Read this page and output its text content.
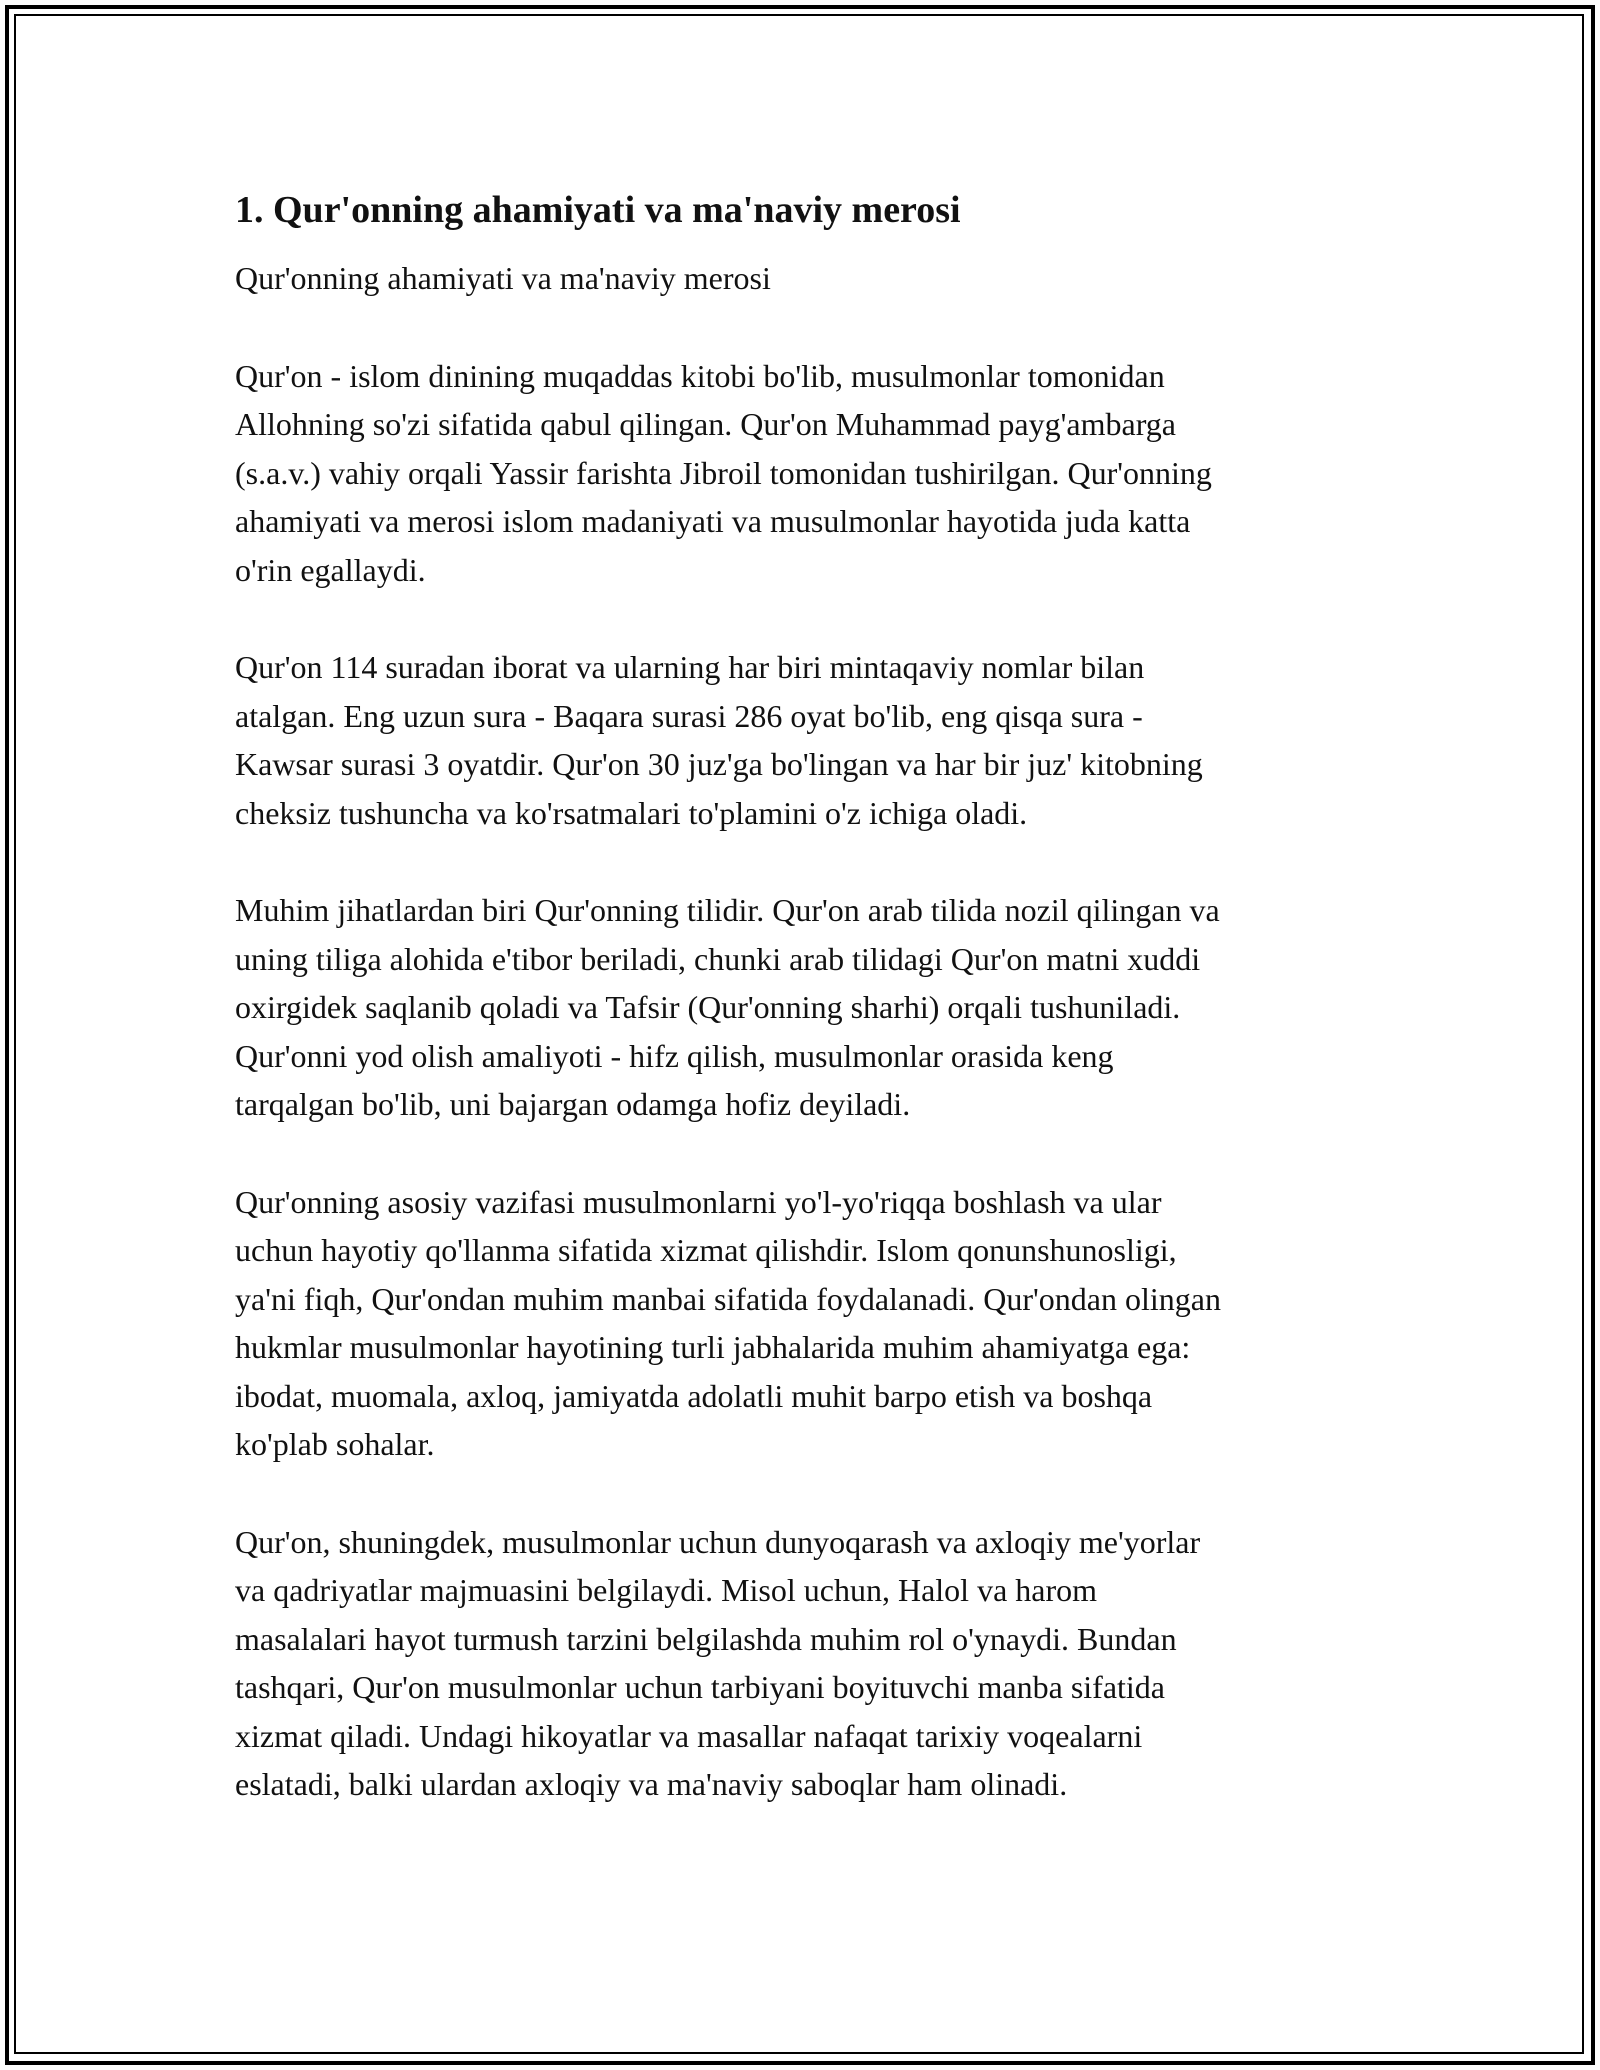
1. Qur'onning ahamiyati va ma'naviy merosi

Qur'onning ahamiyati va ma'naviy merosi

Qur'on - islom dinining muqaddas kitobi bo'lib, musulmonlar tomonidan
Allohning so'zi sifatida qabul qilingan. Qur'on Muhammad payg'ambarga
(s.a.v.) vahiy orqali Yassir farishta Jibroil tomonidan tushirilgan. Qur'onning
ahamiyati va merosi islom madaniyati va musulmonlar hayotida juda katta
o'rin egallaydi.

Qur'on 114 suradan iborat va ularning har biri mintaqaviy nomlar bilan
atalgan. Eng uzun sura - Baqara surasi 286 oyat bo'lib, eng qisqa sura -
Kawsar surasi 3 oyatdir. Qur'on 30 juz'ga bo'lingan va har bir juz' kitobning
cheksiz tushuncha va ko'rsatmalari to'plamini o'z ichiga oladi.

Muhim jihatlardan biri Qur'onning tilidir. Qur'on arab tilida nozil qilingan va
uning tiliga alohida e'tibor beriladi, chunki arab tilidagi Qur'on matni xuddi
oxirgidek saqlanib qoladi va Tafsir (Qur'onning sharhi) orqali tushuniladi.
Qur'onni yod olish amaliyoti - hifz qilish, musulmonlar orasida keng
tarqalgan bo'lib, uni bajargan odamga hofiz deyiladi.

Qur'onning asosiy vazifasi musulmonlarni yo'l-yo'riqqa boshlash va ular
uchun hayotiy qo'llanma sifatida xizmat qilishdir. Islom qonunshunosligi,
ya'ni fiqh, Qur'ondan muhim manbai sifatida foydalanadi. Qur'ondan olingan
hukmlar musulmonlar hayotining turli jabhalarida muhim ahamiyatga ega:
ibodat, muomala, axloq, jamiyatda adolatli muhit barpo etish va boshqa
ko'plab sohalar.

Qur'on, shuningdek, musulmonlar uchun dunyoqarash va axloqiy me'yorlar
va qadriyatlar majmuasini belgilaydi. Misol uchun, Halol va harom
masalalari hayot turmush tarzini belgilashda muhim rol o'ynaydi. Bundan
tashqari, Qur'on musulmonlar uchun tarbiyani boyituvchi manba sifatida
xizmat qiladi. Undagi hikoyatlar va masallar nafaqat tarixiy voqealarni
eslatadi, balki ulardan axloqiy va ma'naviy saboqlar ham olinadi.
